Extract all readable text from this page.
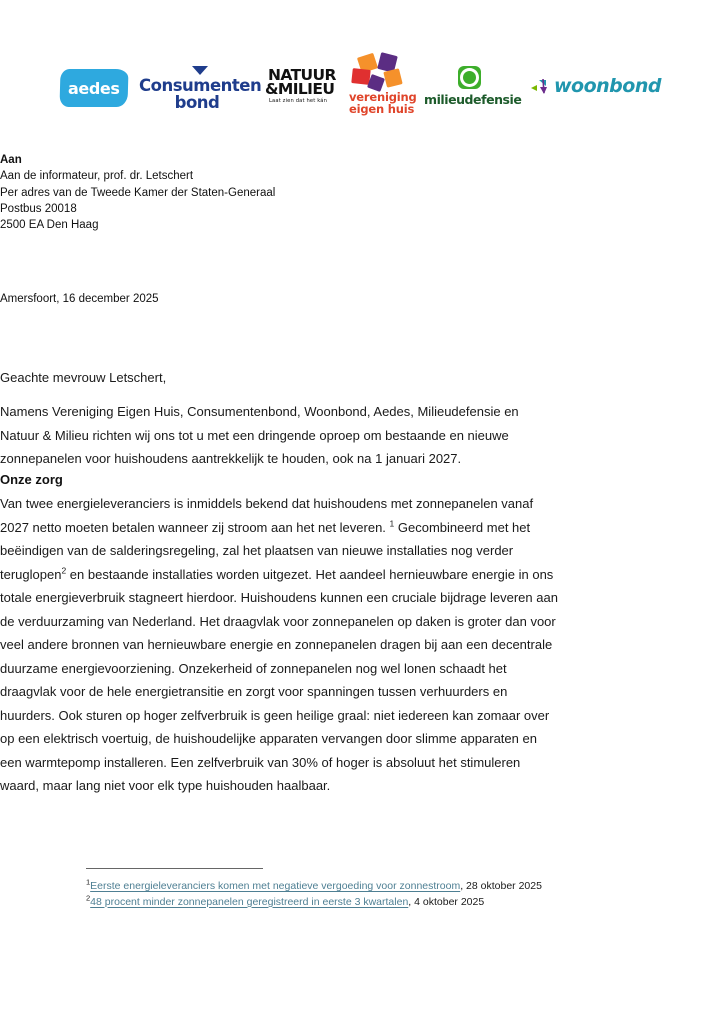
aedes Consumenten
bond
NATUUR
&MILIEU
Laat zien dat het kán vereniging
eigen huis
milieudefensie
woonbond
Aan
Aan de informateur, prof. dr. Letschert
Per adres van de Tweede Kamer der Staten-Generaal
Postbus 20018
2500 EA Den Haag
Amersfoort, 16 december 2025
Geachte mevrouw Letschert,
Namens Vereniging Eigen Huis, Consumentenbond, Woonbond, Aedes, Milieudefensie en Natuur & Milieu richten wij ons tot u met een dringende oproep om bestaande en nieuwe zonnepanelen voor huishoudens aantrekkelijk te houden, ook na 1 januari 2027.
Onze zorg
Van twee energieleveranciers is inmiddels bekend dat huishoudens met zonnepanelen vanaf 2027 netto moeten betalen wanneer zij stroom aan het net leveren. $^1$ Gecombineerd met het beëindigen van de salderingsregeling, zal het plaatsen van nieuwe installaties nog verder teruglopen$^2$ en bestaande installaties worden uitgezet. Het aandeel hernieuwbare energie in ons totale energieverbruik stagneert hierdoor. Huishoudens kunnen een cruciale bijdrage leveren aan de verduurzaming van Nederland. Het draagvlak voor zonnepanelen op daken is groter dan voor veel andere bronnen van hernieuwbare energie en zonnepanelen dragen bij aan een decentrale duurzame energievoorziening. Onzekerheid of zonnepanelen nog wel lonen schaadt het draagvlak voor de hele energietransitie en zorgt voor spanningen tussen verhuurders en huurders. Ook sturen op hoger zelfverbruik is geen heilige graal: niet iedereen kan zomaar over op een elektrisch voertuig, de huishoudelijke apparaten vervangen door slimme apparaten en een warmtepomp installeren. Een zelfverbruik van 30% of hoger is absoluut het stimuleren waard, maar lang niet voor elk type huishouden haalbaar.
$^1$Eerste energieleveranciers komen met negatieve vergoeding voor zonnestroom, 28 oktober 2025
$^2$48 procent minder zonnepanelen geregistreerd in eerste 3 kwartalen, 4 oktober 2025
